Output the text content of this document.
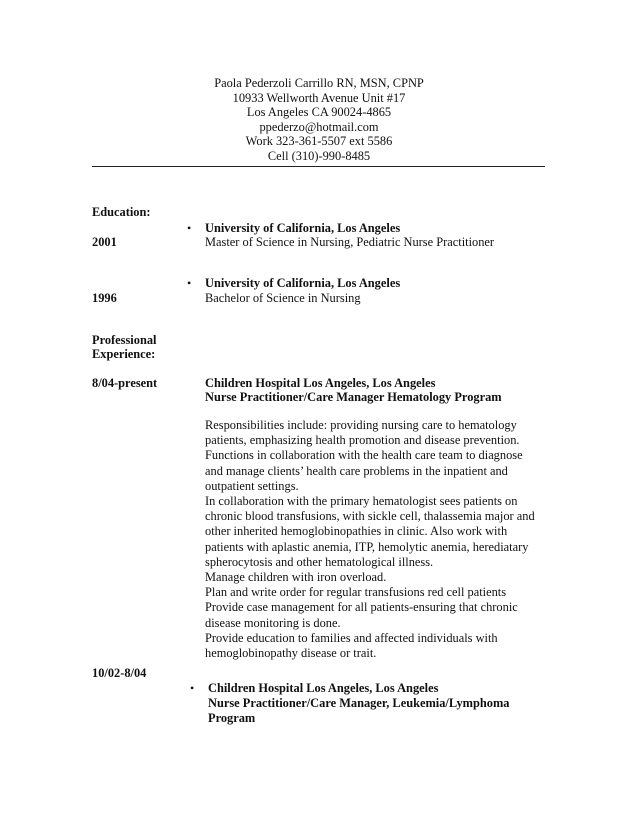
Paola Pederzoli Carrillo RN, MSN, CPNP
10933 Wellworth Avenue Unit #17
Los Angeles CA 90024-4865
ppederzo@hotmail.com
Work 323-361-5507 ext 5586
Cell (310)-990-8485
Education:
• University of California, Los Angeles
2001	Master of Science in Nursing, Pediatric Nurse Practitioner
• University of California, Los Angeles
1996	Bachelor of Science in Nursing
Professional
Experience:
8/04-present	Children Hospital Los Angeles, Los Angeles
Nurse Practitioner/Care Manager Hematology Program
Responsibilities include: providing nursing care to hematology
patients, emphasizing health promotion and disease prevention.
Functions in collaboration with the health care team to diagnose
and manage clients’ health care problems in the inpatient and
outpatient settings.
In collaboration with the primary hematologist sees patients on
chronic blood transfusions, with sickle cell, thalassemia major and
other inherited hemoglobinopathies in clinic. Also work with
patients with aplastic anemia, ITP, hemolytic anemia, herediatary
spherocytosis and other hematological illness.
Manage children with iron overload.
Plan and write order for regular transfusions red cell patients
Provide case management for all patients-ensuring that chronic
disease monitoring is done.
Provide education to families and affected individuals with
hemoglobinopathy disease or trait.
10/02-8/04
• Children Hospital Los Angeles, Los Angeles
Nurse Practitioner/Care Manager, Leukemia/Lymphoma
Program
